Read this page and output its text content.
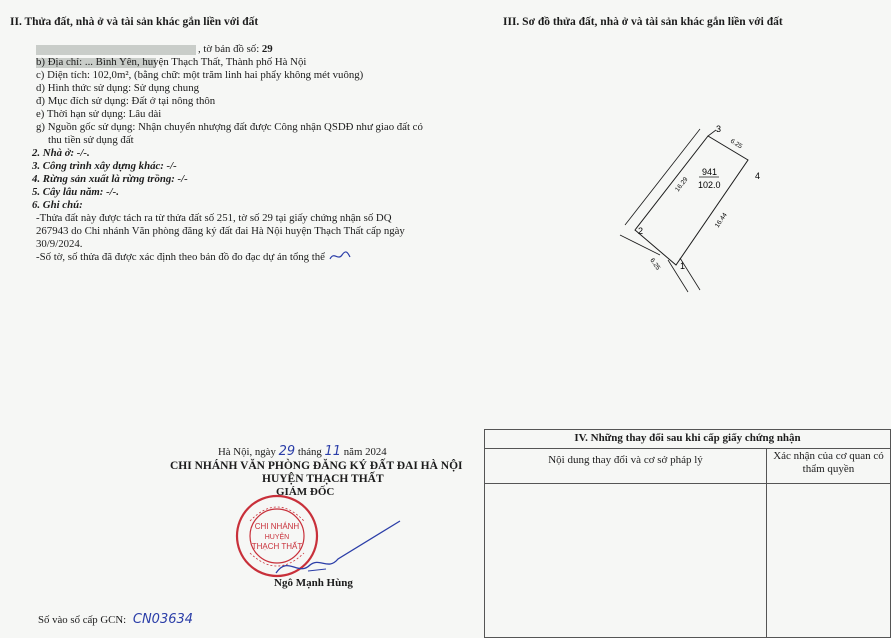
II. Thửa đất, nhà ở và tài sản khác gắn liền với đất
, tờ bản đồ số: 29
b) Địa chỉ: ... Bình Yên, huyện Thạch Thất, Thành phố Hà Nội
c) Diện tích: 102,0m², (bằng chữ: một trăm linh hai phẩy không mét vuông)
d) Hình thức sử dụng: Sử dụng chung
đ) Mục đích sử dụng: Đất ở tại nông thôn
e) Thời hạn sử dụng: Lâu dài
g) Nguồn gốc sử dụng: Nhận chuyển nhượng đất được Công nhận QSDĐ như giao đất có
thu tiền sử dụng đất
2. Nhà ở: -/-.
3. Công trình xây dựng khác: -/-
4. Rừng sản xuất là rừng trồng: -/-
5. Cây lâu năm: -/-.
6. Ghi chú:
-Thửa đất này được tách ra từ thửa đất số 251, tờ số 29 tại giấy chứng nhận số DQ
267943 do Chi nhánh Văn phòng đăng ký đất đai Hà Nội huyện Thạch Thất cấp ngày
30/9/2024.
-Số tờ, số thửa đã được xác định theo bản đồ đo đạc dự án tổng thể
Hà Nội, ngày 29 tháng 11 năm 2024
CHI NHÁNH VĂN PHÒNG ĐĂNG KÝ ĐẤT ĐAI HÀ NỘI
HUYỆN THẠCH THẤT
GIÁM ĐỐC
CHI NHÁNH
HUYỆN
THẠCH THẤT
Ngô Mạnh Hùng
Số vào sổ cấp GCN: CN03634
III. Sơ đồ thửa đất, nhà ở và tài sản khác gắn liền với đất
941
102.0
1
2
3
4
6.25
16.29
16.44
6.25
IV. Những thay đổi sau khi cấp giấy chứng nhận
Nội dung thay đổi và cơ sở pháp lý	Xác nhận của cơ quan có thẩm quyền
